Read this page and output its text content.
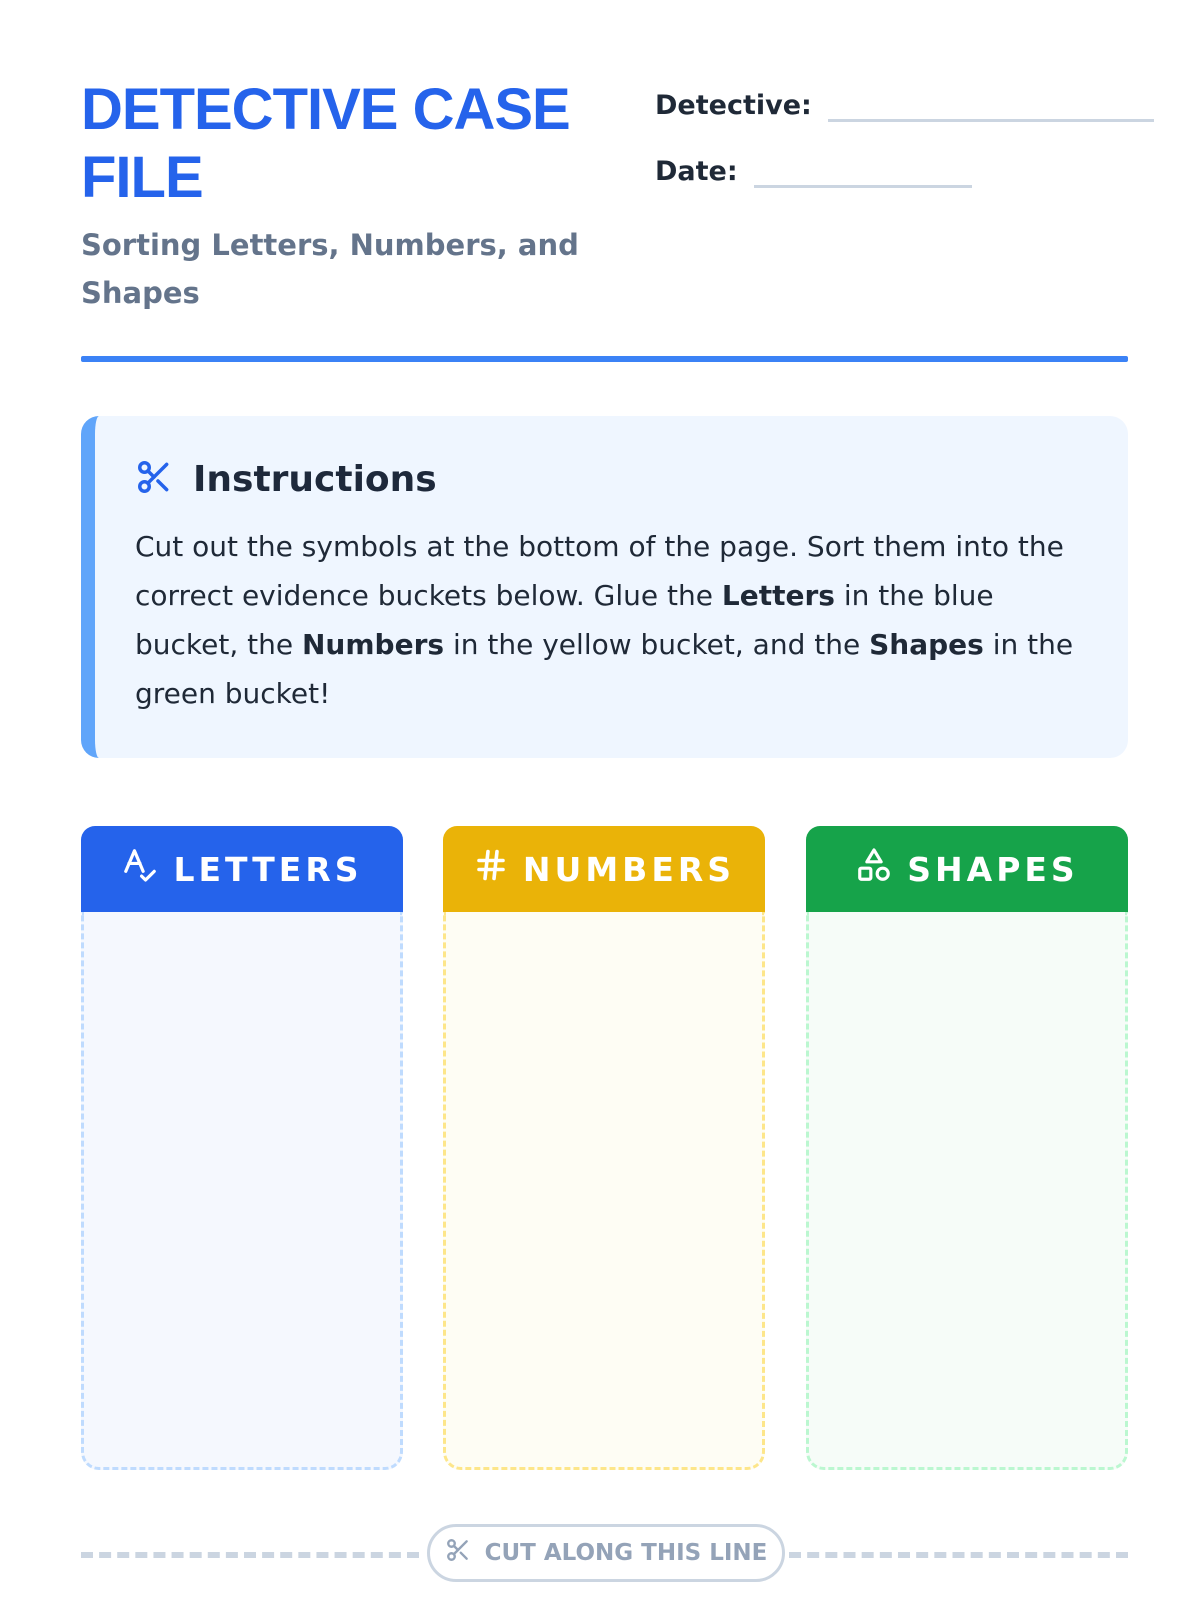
DETECTIVE CASE FILE
Sorting Letters, Numbers, and Shapes
Detective:
Date:
Instructions
Cut out the symbols at the bottom of the page. Sort them into the correct evidence buckets below. Glue the Letters in the blue bucket, the Numbers in the yellow bucket, and the Shapes in the green bucket!
LETTERS	NUMBERS	SHAPES
CUT ALONG THIS LINE
